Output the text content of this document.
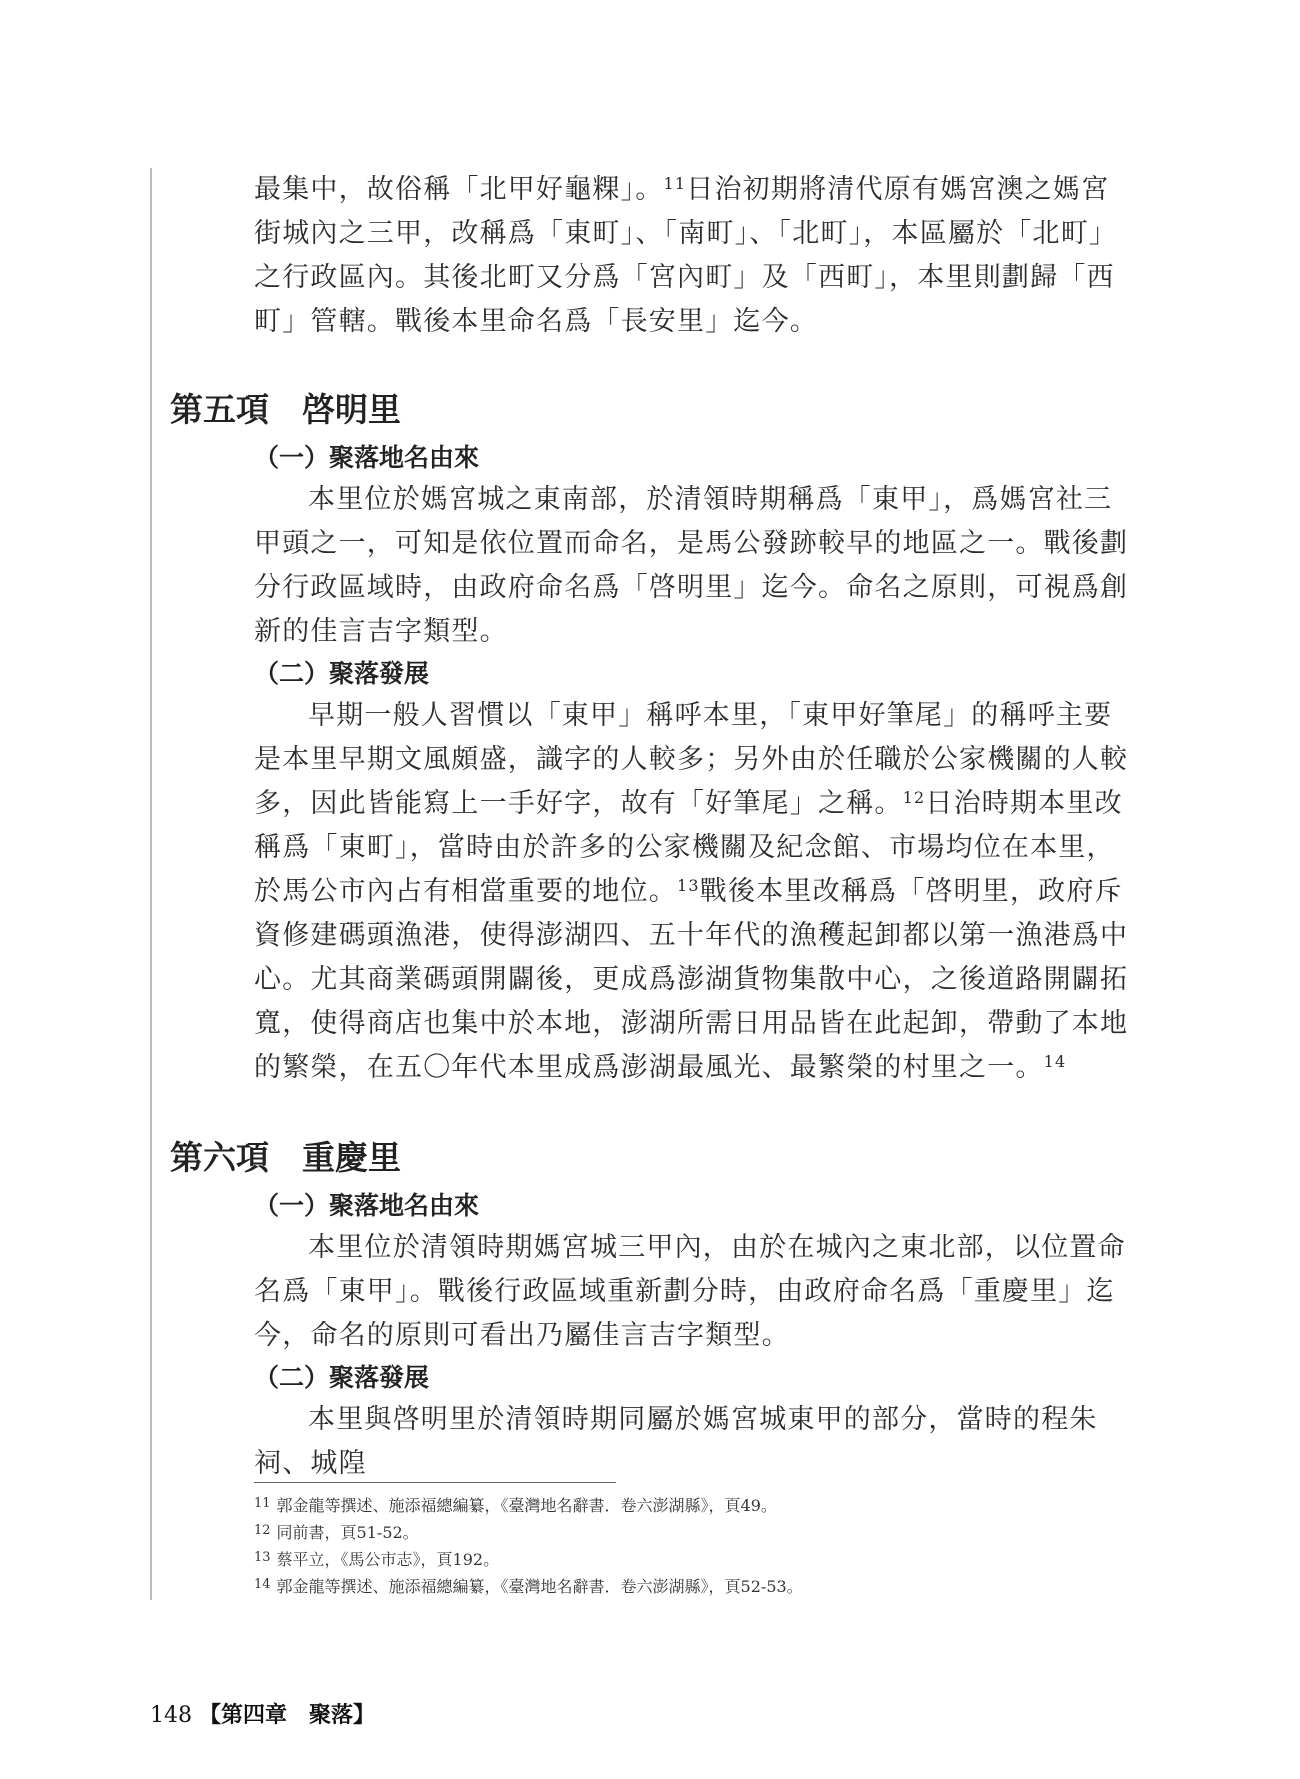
最集中，故俗稱「北甲好龜粿」。$^{11}$日治初期將清代原有媽宮澳之媽宮街城內之三甲，改稱爲「東町」、「南町」、「北町」，本區屬於「北町」之行政區內。其後北町又分爲「宮內町」及「西町」，本里則劃歸「西町」管轄。戰後本里命名爲「長安里」迄今。

第五項　啓明里
（一）聚落地名由來

本里位於媽宮城之東南部，於清領時期稱爲「東甲」，爲媽宮社三甲頭之一，可知是依位置而命名，是馬公發跡較早的地區之一。戰後劃分行政區域時，由政府命名爲「啓明里」迄今。命名之原則，可視爲創新的佳言吉字類型。

（二）聚落發展

早期一般人習慣以「東甲」稱呼本里，「東甲好筆尾」的稱呼主要是本里早期文風頗盛，識字的人較多；另外由於任職於公家機關的人較多，因此皆能寫上一手好字，故有「好筆尾」之稱。$^{12}$日治時期本里改稱爲「東町」，當時由於許多的公家機關及紀念館、市場均位在本里，於馬公市內占有相當重要的地位。$^{13}$戰後本里改稱爲「啓明里，政府斥資修建碼頭漁港，使得澎湖四、五十年代的漁穫起卸都以第一漁港爲中心。尤其商業碼頭開闢後，更成爲澎湖貨物集散中心，之後道路開闢拓寬，使得商店也集中於本地，澎湖所需日用品皆在此起卸，帶動了本地的繁榮，在五〇年代本里成爲澎湖最風光、最繁榮的村里之一。$^{14}$

第六項　重慶里
（一）聚落地名由來

本里位於清領時期媽宮城三甲內，由於在城內之東北部，以位置命名爲「東甲」。戰後行政區域重新劃分時，由政府命名爲「重慶里」迄今，命名的原則可看出乃屬佳言吉字類型。

（二）聚落發展

本里與啓明里於清領時期同屬於媽宮城東甲的部分，當時的程朱祠、城隍

$^{11}$ 郭金龍等撰述、施添福總編纂，《臺灣地名辭書．卷六澎湖縣》，頁49。

$^{12}$ 同前書，頁51-52。

$^{13}$ 蔡平立，《馬公市志》，頁192。

$^{14}$ 郭金龍等撰述、施添福總編纂，《臺灣地名辭書．卷六澎湖縣》，頁52-53。

148 【第四章　聚落】
